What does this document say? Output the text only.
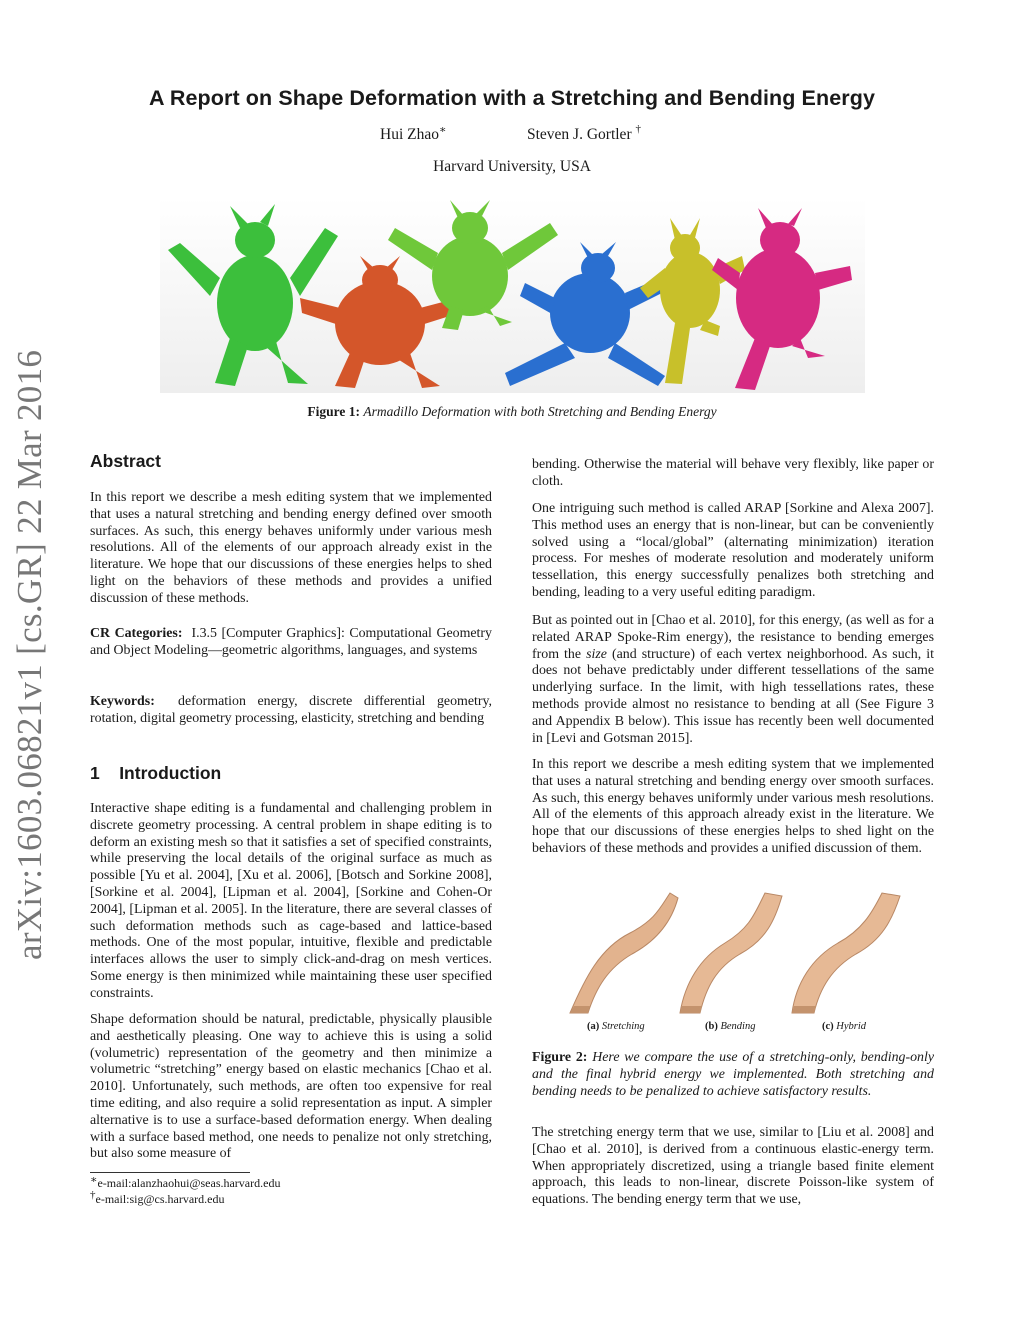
A Report on Shape Deformation with a Stretching and Bending Energy
Hui Zhao∗	Steven J. Gortler †
Harvard University, USA
arXiv:1603.06821v1 [cs.GR] 22 Mar 2016	Figure 1: Armadillo Deformation with both Stretching and Bending Energy
Abstract
In this report we describe a mesh editing system that we implemented that uses a natural stretching and bending energy defined over smooth surfaces. As such, this energy behaves uniformly under various mesh resolutions. All of the elements of our approach already exist in the literature. We hope that our discussions of these energies helps to shed light on the behaviors of these methods and provides a unified discussion of these methods.
CR Categories: I.3.5 [Computer Graphics]: Computational Geometry and Object Modeling—geometric algorithms, languages, and systems
Keywords: deformation energy, discrete differential geometry, rotation, digital geometry processing, elasticity, stretching and bending
1 Introduction
Interactive shape editing is a fundamental and challenging problem in discrete geometry processing. A central problem in shape editing is to deform an existing mesh so that it satisfies a set of specified constraints, while preserving the local details of the original surface as much as possible [Yu et al. 2004], [Xu et al. 2006], [Botsch and Sorkine 2008], [Sorkine et al. 2004], [Lipman et al. 2004], [Sorkine and Cohen-Or 2004], [Lipman et al. 2005]. In the literature, there are several classes of such deformation methods such as cage-based and lattice-based methods. One of the most popular, intuitive, flexible and predictable interfaces allows the user to simply click-and-drag on mesh vertices. Some energy is then minimized while maintaining these user specified constraints.
Shape deformation should be natural, predictable, physically plausible and aesthetically pleasing. One way to achieve this is using a solid (volumetric) representation of the geometry and then minimize a volumetric “stretching” energy based on elastic mechanics [Chao et al. 2010]. Unfortunately, such methods, are often too expensive for real time editing, and also require a solid representation as input. A simpler alternative is to use a surface-based deformation energy. When dealing with a surface based method, one needs to penalize not only stretching, but also some measure of
∗e-mail:alanzhaohui@seas.harvard.edu
†e-mail:sig@cs.harvard.edu
bending. Otherwise the material will behave very flexibly, like paper or cloth.
One intriguing such method is called ARAP [Sorkine and Alexa 2007]. This method uses an energy that is non-linear, but can be conveniently solved using a “local/global” (alternating minimization) iteration process. For meshes of moderate resolution and moderately uniform tessellation, this energy successfully penalizes both stretching and bending, leading to a very useful editing paradigm.
But as pointed out in [Chao et al. 2010], for this energy, (as well as for a related ARAP Spoke-Rim energy), the resistance to bending emerges from the size (and structure) of each vertex neighborhood. As such, it does not behave predictably under different tessellations of the same underlying surface. In the limit, with high tessellations rates, these methods provide almost no resistance to bending at all (See Figure 3 and Appendix B below). This issue has recently been well documented in [Levi and Gotsman 2015].
In this report we describe a mesh editing system that we implemented that uses a natural stretching and bending energy over smooth surfaces. As such, this energy behaves uniformly under various mesh resolutions. All of the elements of this approach already exist in the literature. We hope that our discussions of these energies helps to shed light on the behaviors of these methods and provides a unified discussion of them.
(a) Stretching	(b) Bending	(c) Hybrid
Figure 2: Here we compare the use of a stretching-only, bending-only and the final hybrid energy we implemented. Both stretching and bending needs to be penalized to achieve satisfactory results.
The stretching energy term that we use, similar to [Liu et al. 2008] and [Chao et al. 2010], is derived from a continuous elastic-energy term. When appropriately discretized, using a triangle based finite element approach, this leads to non-linear, discrete Poisson-like system of equations. The bending energy term that we use,
